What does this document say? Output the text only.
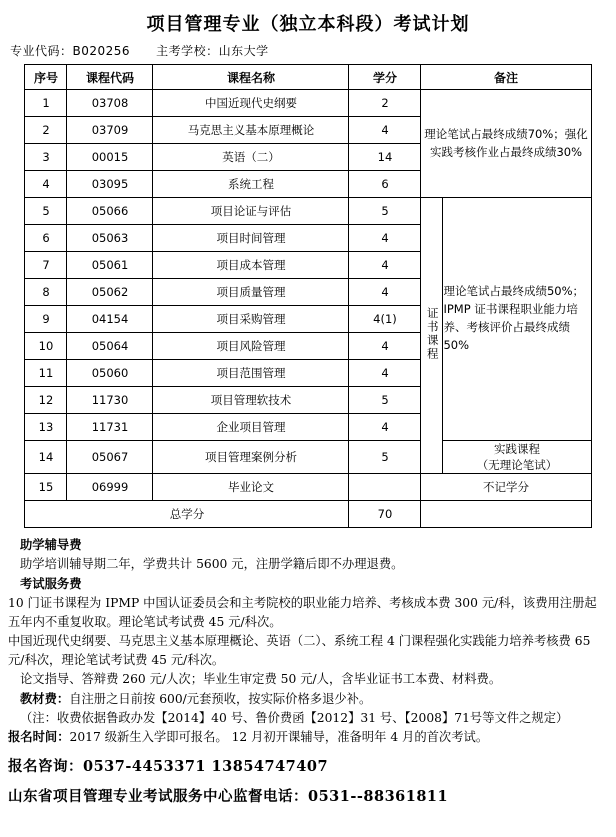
项目管理专业（独立本科段）考试计划
专业代码：B020256 主考学校：山东大学
序号	课程代码	课程名称	学分	备注	
1	03708	中国近现代史纲要	2	理论笔试占最终成绩70%；强化实践考核作业占最终成绩30%	
2	03709	马克思主义基本原理概论	4		
3	00015	英语（二）	14		
4	03095	系统工程	6		
5	05066	项目论证与评估	5	证书课程	理论笔试占最终成绩50%；IPMP 证书课程职业能力培养、考核评价占最终成绩50%
6	05063	项目时间管理	4		
7	05061	项目成本管理	4		
8	05062	项目质量管理	4		
9	04154	项目采购管理	4(1)		
10	05064	项目风险管理	4		
11	05060	项目范围管理	4		
12	11730	项目管理软技术	5		
13	11731	企业项目管理	4		
14	05067	项目管理案例分析	5		实践课程
（无理论笔试）

15	06999	毕业论文		不记学分	
总学分			70		

助学辅导费

助学培训辅导期二年，学费共计 5600 元，注册学籍后即不办理退费。

考试服务费

10 门证书课程为 IPMP 中国认证委员会和主考院校的职业能力培养、考核成本费 300 元/科，该费用注册起五年内不重复收取。理论笔试考试费 45 元/科次。

中国近现代史纲要、马克思主义基本原理概论、英语（二）、系统工程 4 门课程强化实践能力培养考核费 65 元/科次，理论笔试考试费 45 元/科次。

论文指导、答辩费 260 元/人次；毕业生审定费 50 元/人，含毕业证书工本费、材料费。

教材费：自注册之日前按 600/元套预收，按实际价格多退少补。

（注：收费依据鲁政办发【2014】40 号、鲁价费函【2012】31 号、【2008】71号等文件之规定）

报名时间：2017 级新生入学即可报名。 12 月初开课辅导，准备明年 4 月的首次考试。

报名咨询：0537-4453371 13854747407

山东省项目管理专业考试服务中心监督电话：0531--88361811
